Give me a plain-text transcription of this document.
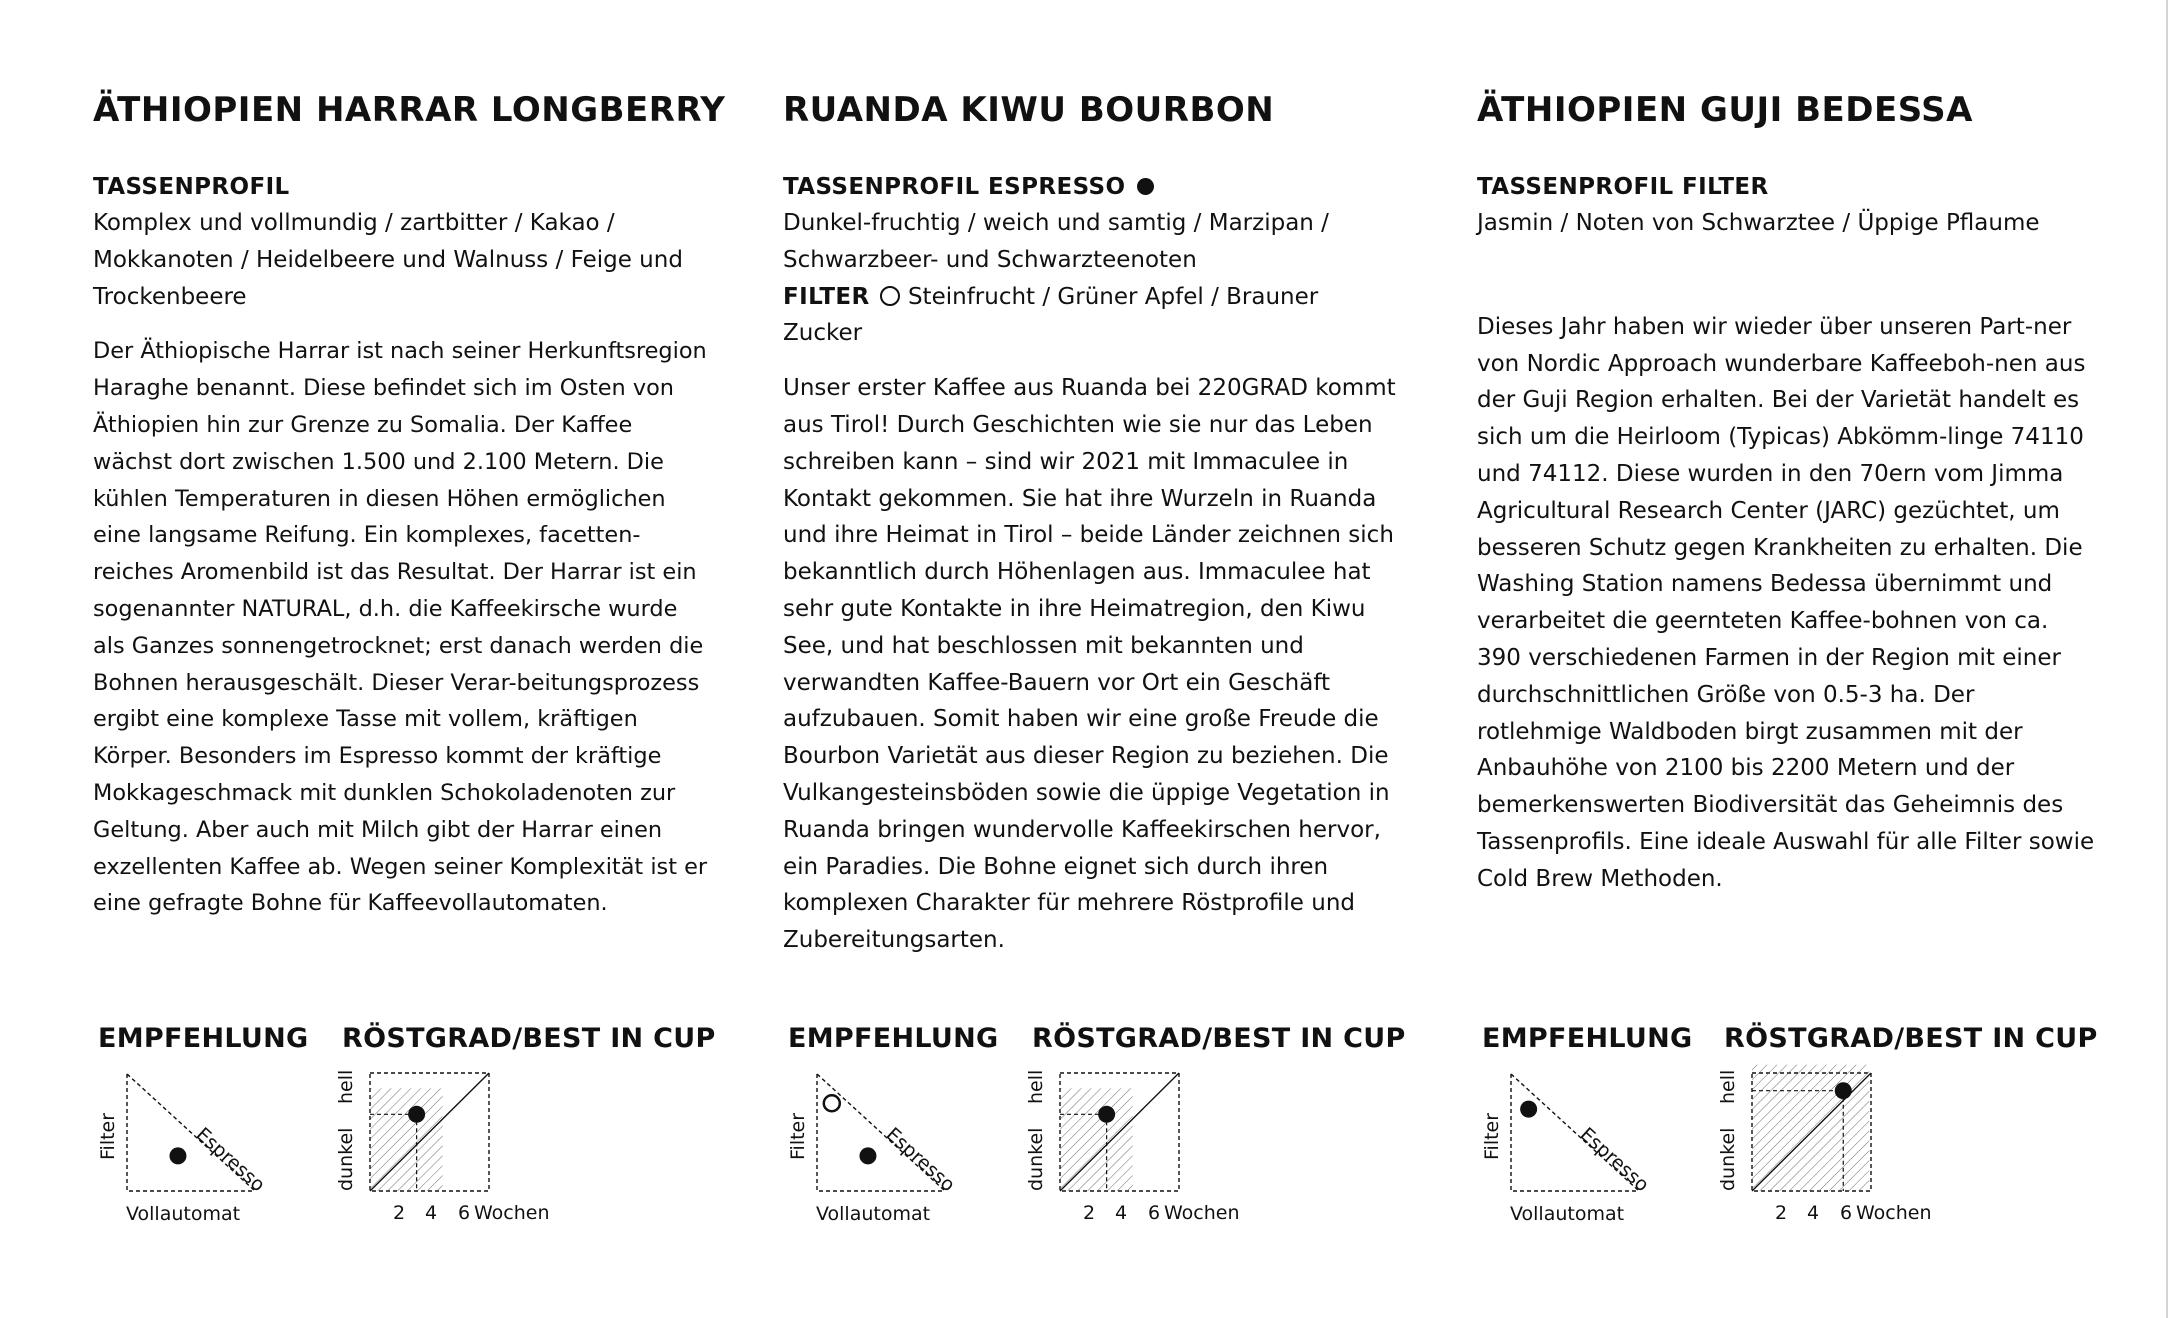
ÄTHIOPIEN HARRAR LONGBERRY
TASSENPROFIL

Komplex und vollmundig / zartbitter / Kakao / Mokkanoten / Heidelbeere und Walnuss / Feige und Trockenbeere

Der Äthiopische Harrar ist nach seiner Herkunftsregion Haraghe benannt. Diese befindet sich im Osten von Äthiopien hin zur Grenze zu Somalia. Der Kaffee wächst dort zwischen 1.500 und 2.100 Metern. Die kühlen Temperaturen in diesen Höhen ermöglichen eine langsame Reifung. Ein komplexes, facetten-reiches Aromenbild ist das Resultat. Der Harrar ist ein sogenannter NATURAL, d.h. die Kaffeekirsche wurde als Ganzes sonnengetrocknet; erst danach werden die Bohnen herausgeschält. Dieser Verar-beitungsprozess ergibt eine komplexe Tasse mit vollem, kräftigen Körper. Besonders im Espresso kommt der kräftige Mokkageschmack mit dunklen Schokoladenoten zur Geltung. Aber auch mit Milch gibt der Harrar einen exzellenten Kaffee ab. Wegen seiner Komplexität ist er eine gefragte Bohne für Kaffeevollautomaten.

RUANDA KIWU BOURBON
TASSENPROFIL ESPRESSO

Dunkel-fruchtig / weich und samtig / Marzipan / Schwarzbeer- und Schwarzteenoten

FILTER Steinfrucht / Grüner Apfel / Brauner Zucker

Unser erster Kaffee aus Ruanda bei 220GRAD kommt aus Tirol! Durch Geschichten wie sie nur das Leben schreiben kann – sind wir 2021 mit Immaculee in Kontakt gekommen. Sie hat ihre Wurzeln in Ruanda und ihre Heimat in Tirol – beide Länder zeichnen sich bekanntlich durch Höhenlagen aus. Immaculee hat sehr gute Kontakte in ihre Heimatregion, den Kiwu See, und hat beschlossen mit bekannten und verwandten Kaffee-Bauern vor Ort ein Geschäft aufzubauen. Somit haben wir eine große Freude die Bourbon Varietät aus dieser Region zu beziehen. Die Vulkangesteinsböden sowie die üppige Vegetation in Ruanda bringen wundervolle Kaffeekirschen hervor, ein Paradies. Die Bohne eignet sich durch ihren komplexen Charakter für mehrere Röstprofile und Zubereitungsarten.

ÄTHIOPIEN GUJI BEDESSA
TASSENPROFIL FILTER

Jasmin / Noten von Schwarztee / Üppige Pflaume

Dieses Jahr haben wir wieder über unseren Part-ner von Nordic Approach wunderbare Kaffeeboh-nen aus der Guji Region erhalten. Bei der Varietät handelt es sich um die Heirloom (Typicas) Abkömm-linge 74110 und 74112. Diese wurden in den 70ern vom Jimma Agricultural Research Center (JARC) gezüchtet, um besseren Schutz gegen Krankheiten zu erhalten. Die Washing Station namens Bedessa übernimmt und verarbeitet die geernteten Kaffee-bohnen von ca. 390 verschiedenen Farmen in der Region mit einer durchschnittlichen Größe von 0.5-3 ha. Der rotlehmige Waldboden birgt zusammen mit der Anbauhöhe von 2100 bis 2200 Metern und der bemerkenswerten Biodiversität das Geheimnis des Tassenprofils. Eine ideale Auswahl für alle Filter sowie Cold Brew Methoden.

EMPFEHLUNG RÖSTGRAD/BEST IN CUP	EMPFEHLUNG RÖSTGRAD/BEST IN CUP	EMPFEHLUNG RÖSTGRAD/BEST IN CUP
Filter	Espresso
Vollautomat
Filter	Espresso
Vollautomat
Filter	Espresso
Vollautomat
hell
dunkel
2 4 6 Wochen
hell
dunkel
2 4 6 Wochen
hell
dunkel
2 4 6 Wochen
